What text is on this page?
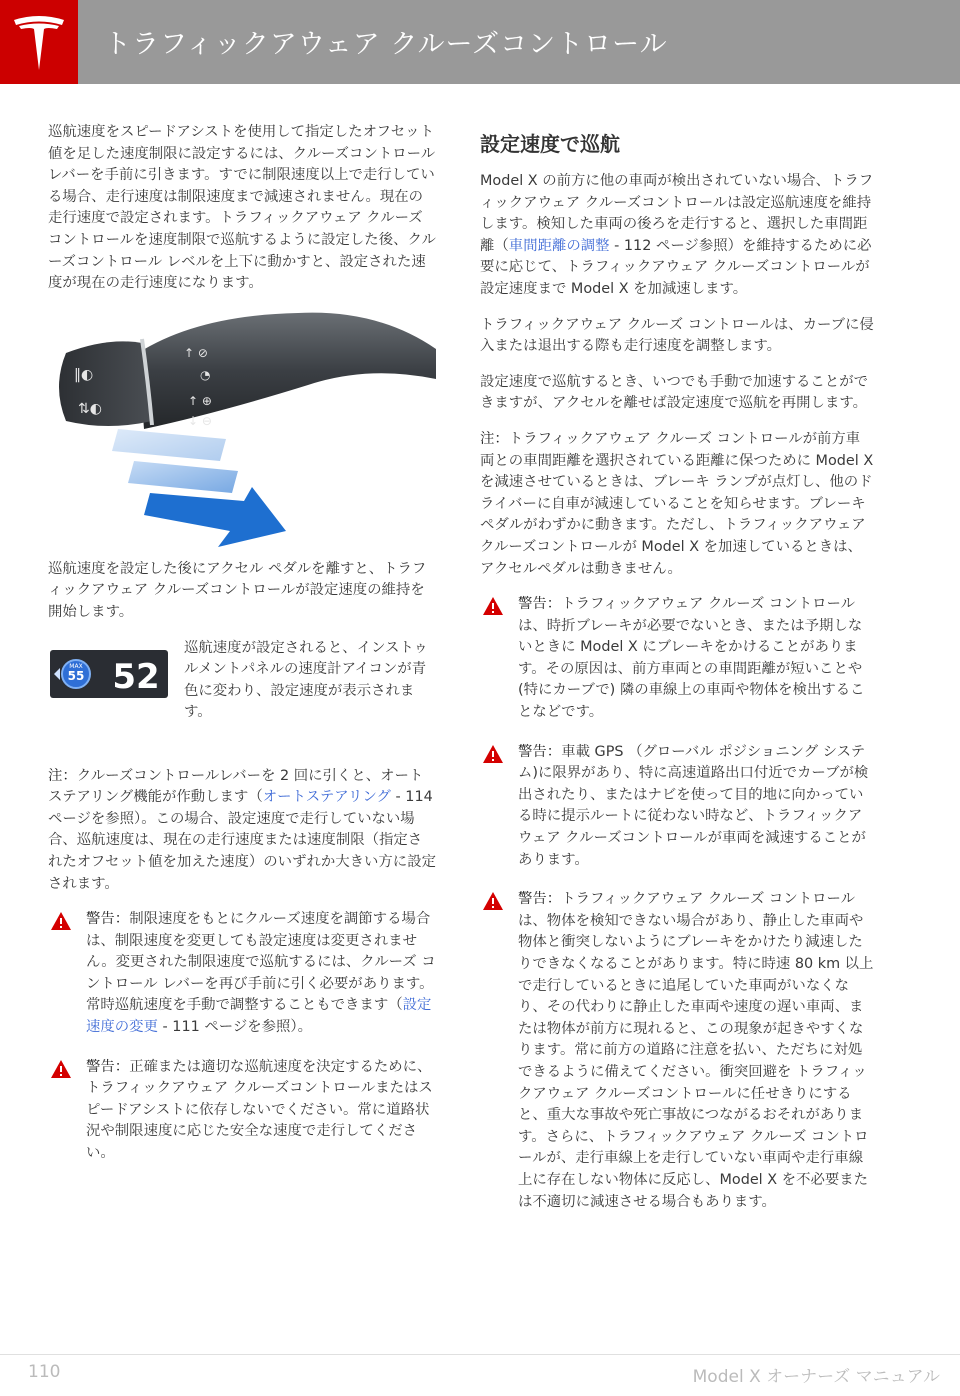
トラフィックアウェア クルーズコントロール

巡航速度をスピードアシストを使用して指定したオフセット値を足した速度制限に設定するには、クルーズコントロールレバーを手前に引きます。すでに制限速度以上で走行している場合、走行速度は制限速度まで減速されません。現在の走行速度で設定されます。トラフィックアウェア クルーズコントロールを速度制限で巡航するように設定した後、クルーズコントロール レベルを上下に動かすと、設定された速度が現在の走行速度になります。

‖◐
⇅◐
↑ ⊘
◔
↑ ⊕
↓ ⊖

巡航速度を設定した後にアクセル ペダルを離すと、トラフィックアウェア クルーズコントロールが設定速度の維持を開始します。

MAX
55 52

巡航速度が設定されると、インストゥルメントパネルの速度計アイコンが青色に変わり、設定速度が表示されます。

注：クルーズコントロールレバーを 2 回に引くと、オートステアリング機能が作動します（オートステアリング - 114 ページを参照）。この場合、設定速度で走行していない場合、巡航速度は、現在の走行速度または速度制限（指定されたオフセット値を加えた速度）のいずれか大きい方に設定されます。

警告：制限速度をもとにクルーズ速度を調節する場合は、制限速度を変更しても設定速度は変更されません。変更された制限速度で巡航するには、クルーズ コントロール レバーを再び手前に引く必要があります。常時巡航速度を手動で調整することもできます（設定速度の変更 - 111 ページを参照）。

警告：正確または適切な巡航速度を決定するために、トラフィックアウェア クルーズコントロールまたはスピードアシストに依存しないでください。常に道路状況や制限速度に応じた安全な速度で走行してください。

設定速度で巡航

Model X の前方に他の車両が検出されていない場合、トラフィックアウェア クルーズコントロールは設定巡航速度を維持します。検知した車両の後ろを走行すると、選択した車間距離（車間距離の調整 - 112 ページ参照）を維持するために必要に応じて、トラフィックアウェア クルーズコントロールが設定速度まで Model X を加減速します。

トラフィックアウェア クルーズ コントロールは、カーブに侵入または退出する際も走行速度を調整します。

設定速度で巡航するとき、いつでも手動で加速することができますが、アクセルを離せば設定速度で巡航を再開します。

注：トラフィックアウェア クルーズ コントロールが前方車両との車間距離を選択されている距離に保つために Model X を減速させているときは、ブレーキ ランプが点灯し、他のドライバーに自車が減速していることを知らせます。ブレーキ ペダルがわずかに動きます。ただし、トラフィックアウェア クルーズコントロールが Model X を加速しているときは、アクセルペダルは動きません。

警告：トラフィックアウェア クルーズ コントロールは、時折ブレーキが必要でないとき、または予期しないときに Model X にブレーキをかけることがあります。その原因は、前方車両との車間距離が短いことや (特にカーブで) 隣の車線上の車両や物体を検出することなどです。

警告：車載 GPS （グローバル ポジショニング システム)に限界があり、特に高速道路出口付近でカーブが検出されたり、またはナビを使って目的地に向かっている時に提示ルートに従わない時など、トラフィックアウェア クルーズコントロールが車両を減速することがあります。

警告：トラフィックアウェア クルーズ コントロールは、物体を検知できない場合があり、静止した車両や物体と衝突しないようにブレーキをかけたり減速したりできなくなることがあります。特に時速 80 km 以上で走行しているときに追尾していた車両がいなくなり、その代わりに静止した車両や速度の遅い車両、または物体が前方に現れると、この現象が起きやすくなります。常に前方の道路に注意を払い、ただちに対処できるように備えてください。衝突回避を トラフィックアウェア クルーズコントロールに任せきりにすると、重大な事故や死亡事故につながるおそれがあります。さらに、トラフィックアウェア クルーズ コントロールが、走行車線上を走行していない車両や走行車線上に存在しない物体に反応し、Model X を不必要または不適切に減速させる場合もあります。

110	Model X オーナーズ マニュアル
